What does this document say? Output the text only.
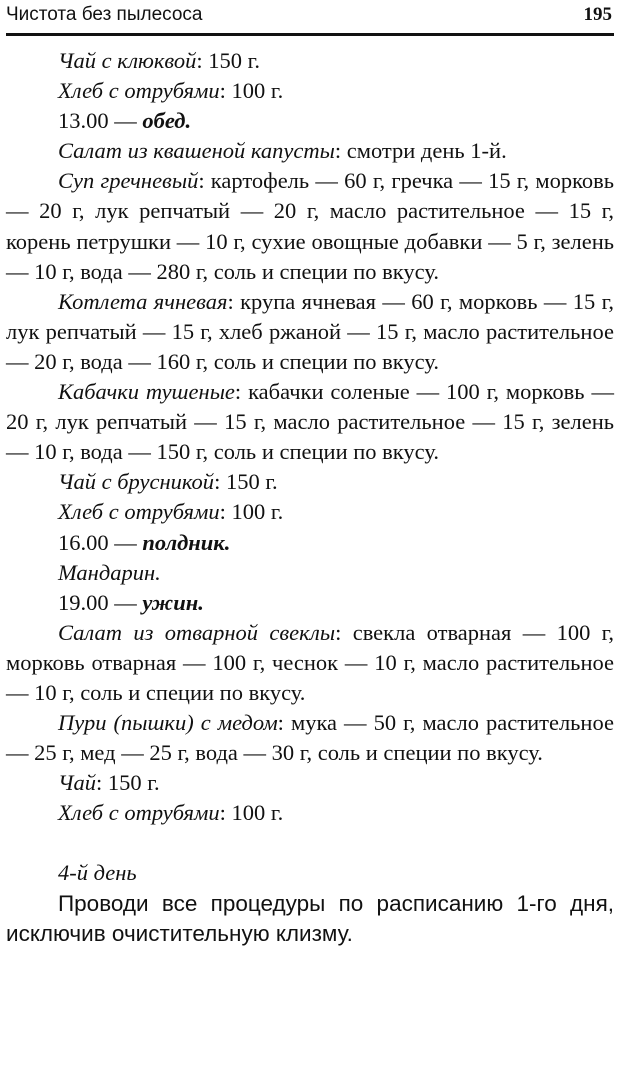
Чистота без пылесоса	195

Чай с клюквой: 150 г.

Хлеб с отрубями: 100 г.

13.00 — обед.

Салат из квашеной капусты: смотри день 1-й.

Суп гречневый: картофель — 60 г, гречка — 15 г, морковь — 20 г, лук репчатый — 20 г, масло растительное — 15 г, корень петрушки — 10 г, сухие овощные добавки — 5 г, зелень — 10 г, вода — 280 г, соль и специи по вкусу.

Котлета ячневая: крупа ячневая — 60 г, морковь — 15 г, лук репчатый — 15 г, хлеб ржаной — 15 г, масло растительное — 20 г, вода — 160 г, соль и специи по вкусу.

Кабачки тушеные: кабачки соленые — 100 г, морковь — 20 г, лук репчатый — 15 г, масло растительное — 15 г, зелень — 10 г, вода — 150 г, соль и специи по вкусу.

Чай с брусникой: 150 г.

Хлеб с отрубями: 100 г.

16.00 — полдник.

Мандарин.

19.00 — ужин.

Салат из отварной свеклы: свекла отварная — 100 г, морковь отварная — 100 г, чеснок — 10 г, масло растительное — 10 г, соль и специи по вкусу.

Пури (пышки) с медом: мука — 50 г, масло растительное — 25 г, мед — 25 г, вода — 30 г, соль и специи по вкусу.

Чай: 150 г.

Хлеб с отрубями: 100 г.

4-й день

Проводи все процедуры по расписанию 1-го дня, исключив очистительную клизму.
